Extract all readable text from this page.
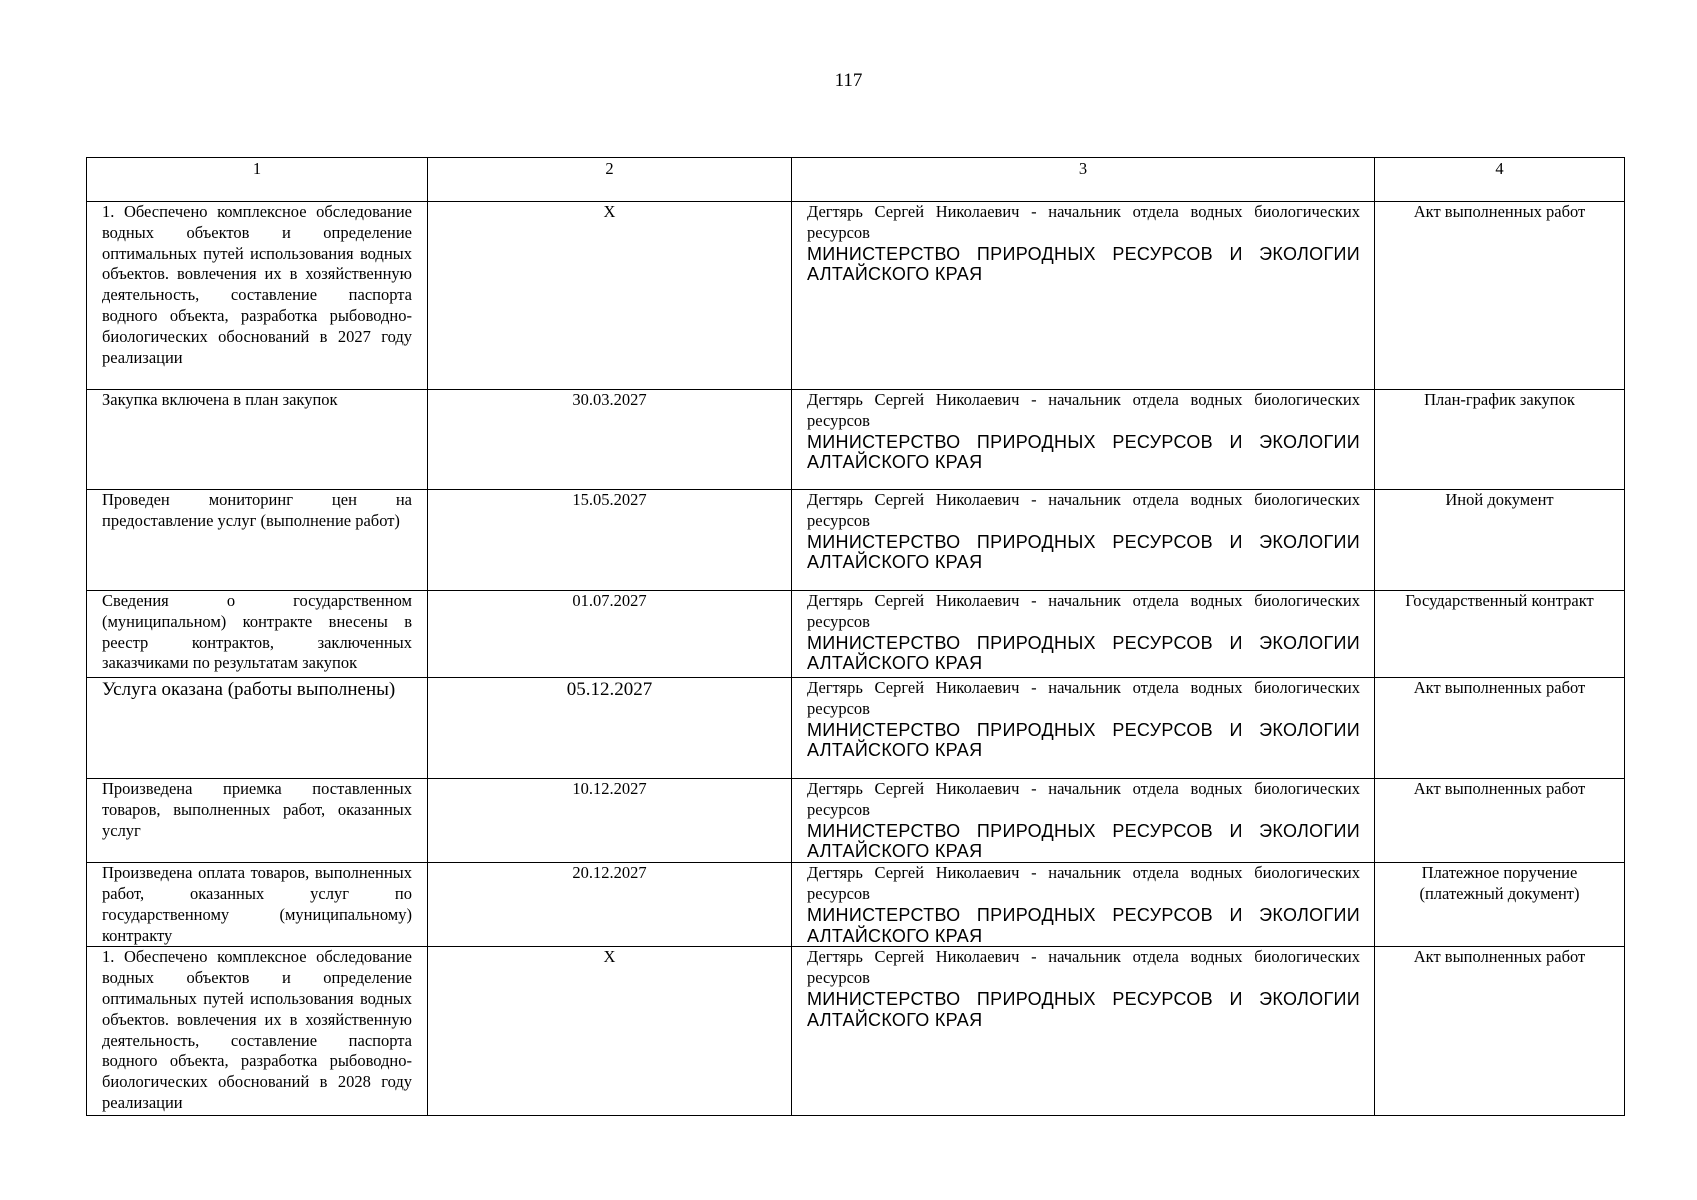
117
1	2	3	4
1. Обеспечено комплексное обследование водных объектов и определение оптимальных путей использования водных объектов. вовлечения их в хозяйственную деятельность, составление паспорта водного объекта, разработка рыбоводно-биологических обоснований в 2027 году реализации	X	Дегтярь Сергей Николаевич - начальник отдела водных биологических ресурсов
МИНИСТЕРСТВО ПРИРОДНЫХ РЕСУРСОВ И ЭКОЛОГИИ АЛТАЙСКОГО КРАЯ	Акт выполненных работ
Закупка включена в план закупок	30.03.2027	Дегтярь Сергей Николаевич - начальник отдела водных биологических ресурсов
МИНИСТЕРСТВО ПРИРОДНЫХ РЕСУРСОВ И ЭКОЛОГИИ АЛТАЙСКОГО КРАЯ	План-график закупок
Проведен мониторинг цен на предоставление услуг (выполнение работ)	15.05.2027	Дегтярь Сергей Николаевич - начальник отдела водных биологических ресурсов
МИНИСТЕРСТВО ПРИРОДНЫХ РЕСУРСОВ И ЭКОЛОГИИ АЛТАЙСКОГО КРАЯ	Иной документ
Сведения о государственном (муниципальном) контракте внесены в реестр контрактов, заключенных заказчиками по результатам закупок	01.07.2027	Дегтярь Сергей Николаевич - начальник отдела водных биологических ресурсов
МИНИСТЕРСТВО ПРИРОДНЫХ РЕСУРСОВ И ЭКОЛОГИИ АЛТАЙСКОГО КРАЯ	Государственный контракт
Услуга оказана (работы выполнены)	05.12.2027	Дегтярь Сергей Николаевич - начальник отдела водных биологических ресурсов
МИНИСТЕРСТВО ПРИРОДНЫХ РЕСУРСОВ И ЭКОЛОГИИ АЛТАЙСКОГО КРАЯ	Акт выполненных работ
Произведена приемка поставленных товаров, выполненных работ, оказанных услуг	10.12.2027	Дегтярь Сергей Николаевич - начальник отдела водных биологических ресурсов
МИНИСТЕРСТВО ПРИРОДНЫХ РЕСУРСОВ И ЭКОЛОГИИ АЛТАЙСКОГО КРАЯ	Акт выполненных работ
Произведена оплата товаров, выполненных работ, оказанных услуг по государственному (муниципальному) контракту	20.12.2027	Дегтярь Сергей Николаевич - начальник отдела водных биологических ресурсов
МИНИСТЕРСТВО ПРИРОДНЫХ РЕСУРСОВ И ЭКОЛОГИИ АЛТАЙСКОГО КРАЯ	Платежное поручение (платежный документ)
1. Обеспечено комплексное обследование водных объектов и определение оптимальных путей использования водных объектов. вовлечения их в хозяйственную деятельность, составление паспорта водного объекта, разработка рыбоводно-биологических обоснований в 2028 году реализации	X	Дегтярь Сергей Николаевич - начальник отдела водных биологических ресурсов
МИНИСТЕРСТВО ПРИРОДНЫХ РЕСУРСОВ И ЭКОЛОГИИ АЛТАЙСКОГО КРАЯ	Акт выполненных работ
